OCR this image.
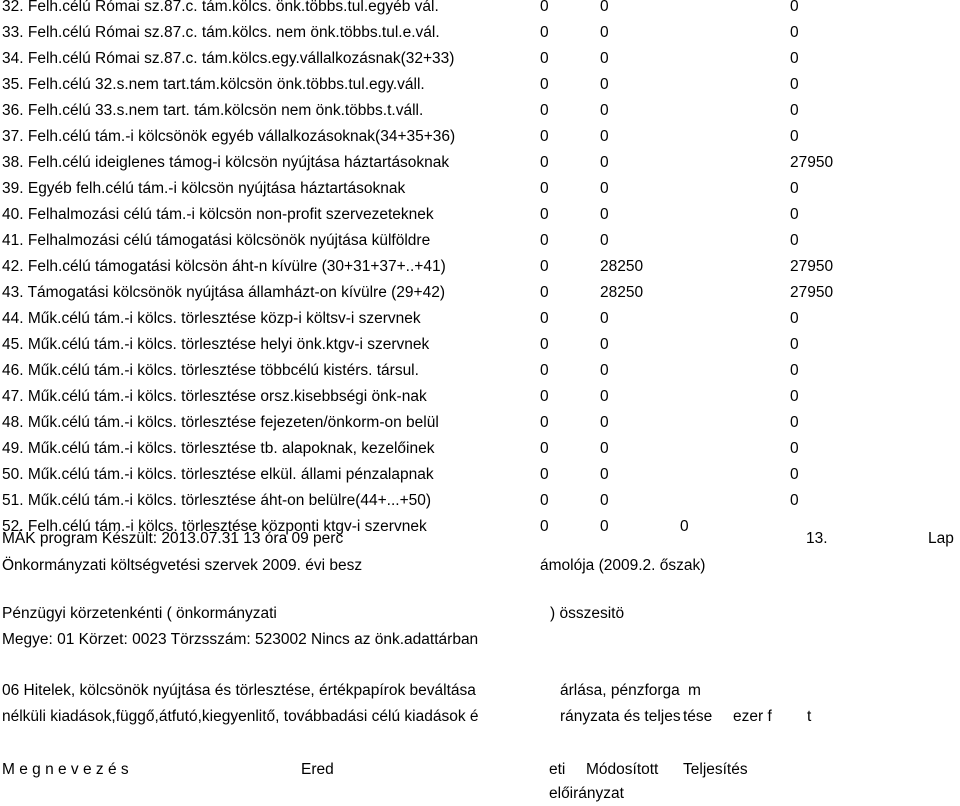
32. Felh.célú Római sz.87.c. tám.kölcs. önk.többs.tul.egyéb vál.	0	0	0
33. Felh.célú Római sz.87.c. tám.kölcs. nem önk.többs.tul.e.vál.	0	0	0
34. Felh.célú Római sz.87.c. tám.kölcs.egy.vállalkozásnak(32+33)	0	0	0
35. Felh.célú 32.s.nem tart.tám.kölcsön önk.többs.tul.egy.váll.	0	0	0
36. Felh.célú 33.s.nem tart. tám.kölcsön nem önk.többs.t.váll.	0	0	0
37. Felh.célú tám.-i kölcsönök egyéb vállalkozásoknak(34+35+36)	0	0	0
38. Felh.célú ideiglenes támog-i kölcsön nyújtása háztartásoknak	0	0	27950
39. Egyéb felh.célú tám.-i kölcsön nyújtása háztartásoknak	0	0	0
40. Felhalmozási célú tám.-i kölcsön non-profit szervezeteknek	0	0	0
41. Felhalmozási célú támogatási kölcsönök nyújtása külföldre	0	0	0
42. Felh.célú támogatási kölcsön áht-n kívülre (30+31+37+..+41)	0	28250	27950
43. Támogatási kölcsönök nyújtása államházt-on kívülre (29+42)	0	28250	27950
44. Műk.célú tám.-i kölcs. törlesztése közp-i költsv-i szervnek	0	0	0
45. Műk.célú tám.-i kölcs. törlesztése helyi önk.ktgv-i szervnek	0	0	0
46. Műk.célú tám.-i kölcs. törlesztése többcélú kistérs. társul.	0	0	0
47. Műk.célú tám.-i kölcs. törlesztése orsz.kisebbségi önk-nak	0	0	0
48. Műk.célú tám.-i kölcs. törlesztése fejezeten/önkorm-on belül	0	0	0
49. Műk.célú tám.-i kölcs. törlesztése tb. alapoknak, kezelőinek	0	0	0
50. Műk.célú tám.-i kölcs. törlesztése elkül. állami pénzalapnak	0	0	0
51. Műk.célú tám.-i kölcs. törlesztése áht-on belülre(44+...+50)	0	0	0
52. Felh.célú tám.-i kölcs. törlesztése központi ktgv-i szervnek	0	0	0
MÁK program Készült: 2013.07.31 13 óra 09 perc	13.	Lap
Önkormányzati költségvetési szervek 2009. évi besz	ámolója (2009.2. őszak)
Pénzügyi körzetenkénti ( önkormányzati	) összesitö
Megye: 01 Körzet: 0023 Törzsszám: 523002 Nincs az önk.adattárban
06 Hitelek, kölcsönök nyújtása és törlesztése, értékpapírok beváltása	árlása, pénzforga m
nélküli kiadások,függő,átfutó,kiegyenlitő, továbbadási célú kiadások é	rányzata és teljes tése ezer f t
M e g n e v e z é s	Ered	eti Módosított Teljesítés
előirányzat
